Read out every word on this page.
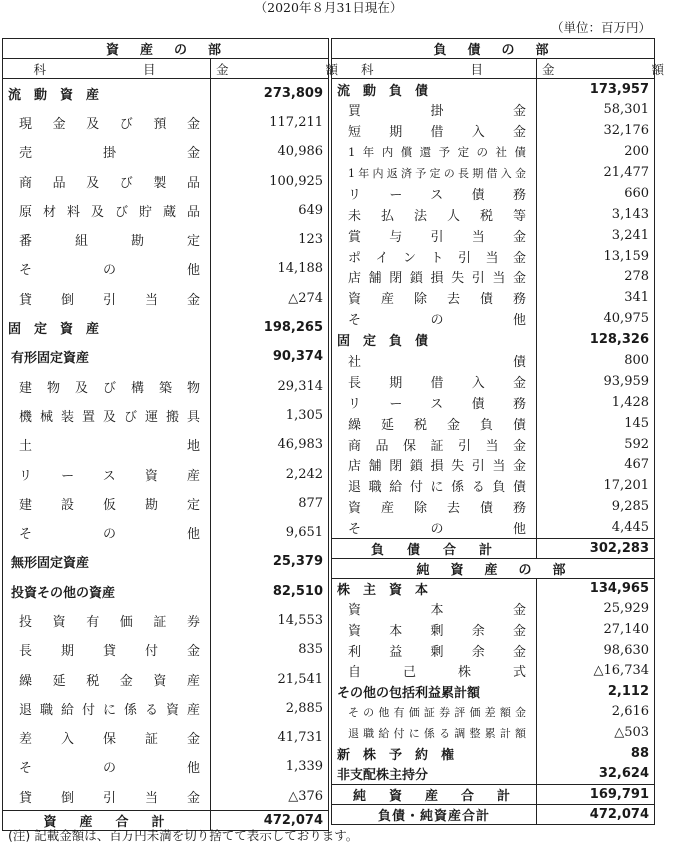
（2020年８月31日現在）
（単位：百万円）
資　産　の　部	
科　　目	金　　額
流　動　資　産	273,809
現金及び預金	117,211
売掛金	40,986
商品及び製品	100,925
原材料及び貯蔵品	649
番組勘定	123
その他	14,188
貸倒引当金	△274
固　定　資　産	198,265
有形固定資産	90,374
建物及び構築物	29,314
機械装置及び運搬具	1,305
土地	46,983
リース資産	2,242
建設仮勘定	877
その他	9,651
無形固定資産	25,379
投資その他の資産	82,510
投資有価証券	14,553
長期貸付金	835
繰延税金資産	21,541
退職給付に係る資産	2,885
差入保証金	41,731
その他	1,339
貸倒引当金	△376
資　産　合　計	472,074
負　債　の　部	
科　　目	金　　額
流　動　負　債	173,957
買掛金	58,301
短期借入金	32,176
1年内償還予定の社債	200
1年内返済予定の長期借入金	21,477
リース債務	660
未払法人税等	3,143
賞与引当金	3,241
ポイント引当金	13,159
店舗閉鎖損失引当金	278
資産除去債務	341
その他	40,975
固　定　負　債	128,326
社債	800
長期借入金	93,959
リース債務	1,428
繰延税金負債	145
商品保証引当金	592
店舗閉鎖損失引当金	467
退職給付に係る負債	17,201
資産除去債務	9,285
その他	4,445
負　債　合　計	302,283
純　資　産　の　部	
株　主　資　本	134,965
資本金	25,929
資本剰余金	27,140
利益剰余金	98,630
自己株式	△16,734
その他の包括利益累計額	2,112
その他有価証券評価差額金	2,616
退職給付に係る調整累計額	△503
新　株　予　約　権	88
非支配株主持分	32,624
純　資　産　合　計	169,791
負債・純資産合計	472,074
(注) 記載金額は、百万円未満を切り捨てて表示しております。
